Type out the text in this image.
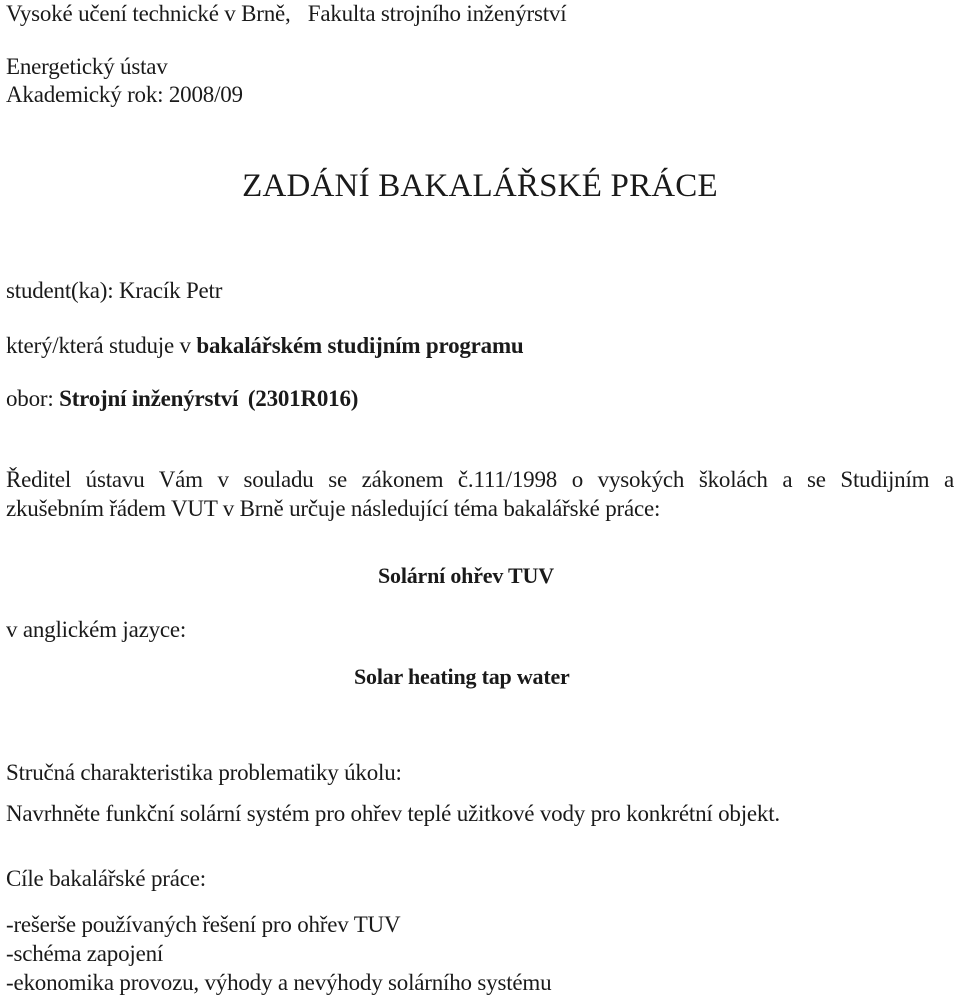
Vysoké učení technické v Brně, Fakulta strojního inženýrství
Energetický ústav
Akademický rok: 2008/09
ZADÁNÍ BAKALÁŘSKÉ PRÁCE
student(ka): Kracík Petr
který/která studuje v bakalářském studijním programu
obor: Strojní inženýrství (2301R016)
Ředitel ústavu Vám v souladu se zákonem č.111/1998 o vysokých školách a se Studijním a
zkušebním řádem VUT v Brně určuje následující téma bakalářské práce:
Solární ohřev TUV
v anglickém jazyce:
Solar heating tap water
Stručná charakteristika problematiky úkolu:
Navrhněte funkční solární systém pro ohřev teplé užitkové vody pro konkrétní objekt.
Cíle bakalářské práce:
-rešerše používaných řešení pro ohřev TUV
-schéma zapojení
-ekonomika provozu, výhody a nevýhody solárního systému
